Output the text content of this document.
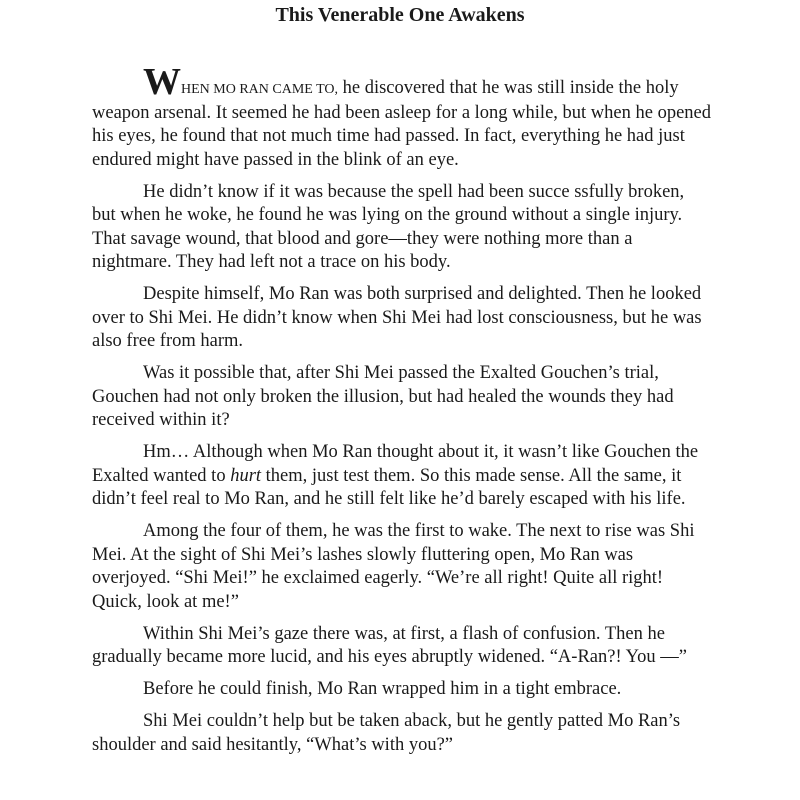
This Venerable One Awakens

WHEN MO RAN CAME TO, he discovered that he was still inside the holy weapon arsenal. It seemed he had been asleep for a long while, but when he opened his eyes, he found that not much time had passed. In fact, everything he had just endured might have passed in the blink of an eye.

He didn’t know if it was because the spell had been succe ssfully broken, but when he woke, he found he was lying on the ground without a single injury. That savage wound, that blood and gore—they were nothing more than a nightmare. They had left not a trace on his body.

Despite himself, Mo Ran was both surprised and delighted. Then he looked over to Shi Mei. He didn’t know when Shi Mei had lost consciousness, but he was also free from harm.

Was it possible that, after Shi Mei passed the Exalted Gouchen’s trial, Gouchen had not only broken the illusion, but had healed the wounds they had received within it?

Hm… Although when Mo Ran thought about it, it wasn’t like Gouchen the Exalted wanted to hurt them, just test them. So this made sense. All the same, it didn’t feel real to Mo Ran, and he still felt like he’d barely escaped with his life.

Among the four of them, he was the first to wake. The next to rise was Shi Mei. At the sight of Shi Mei’s lashes slowly fluttering open, Mo Ran was overjoyed. “Shi Mei!” he exclaimed eagerly. “We’re all right! Quite all right! Quick, look at me!”

Within Shi Mei’s gaze there was, at first, a flash of confusion. Then he gradually became more lucid, and his eyes abruptly widened. “A-Ran?! You —”

Before he could finish, Mo Ran wrapped him in a tight embrace.

Shi Mei couldn’t help but be taken aback, but he gently patted Mo Ran’s shoulder and said hesitantly, “What’s with you?”
